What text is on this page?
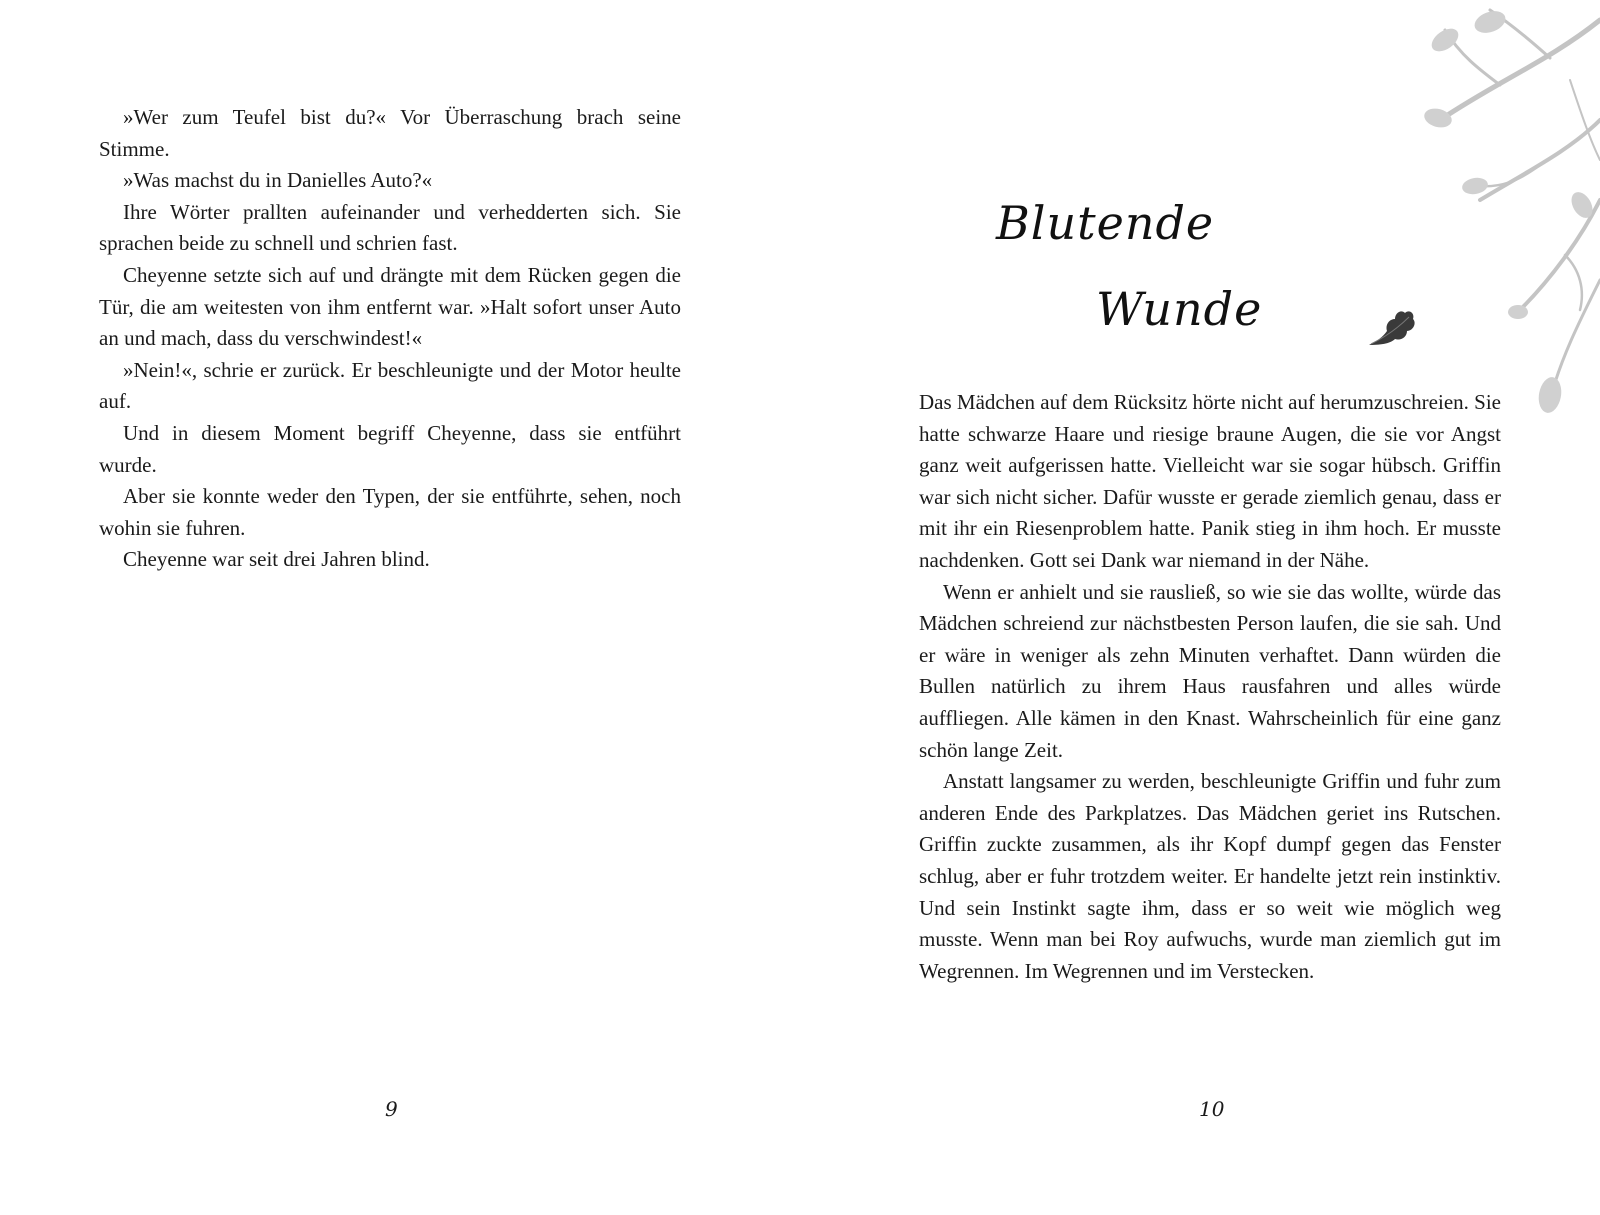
»Wer zum Teufel bist du?« Vor Überraschung brach seine Stimme.

»Was machst du in Danielles Auto?«

Ihre Wörter prallten aufeinander und verhedderten sich. Sie sprachen beide zu schnell und schrien fast.

Cheyenne setzte sich auf und drängte mit dem Rücken gegen die Tür, die am weitesten von ihm entfernt war. »Halt sofort unser Auto an und mach, dass du verschwindest!«

»Nein!«, schrie er zurück. Er beschleunigte und der Motor heulte auf.

Und in diesem Moment begriff Cheyenne, dass sie entführt wurde.

Aber sie konnte weder den Typen, der sie entführte, sehen, noch wohin sie fuhren.

Cheyenne war seit drei Jahren blind.

9
Blutende
Wunde

Das Mädchen auf dem Rücksitz hörte nicht auf herumzuschreien. Sie hatte schwarze Haare und riesige braune Augen, die sie vor Angst ganz weit aufgerissen hatte. Vielleicht war sie sogar hübsch. Griffin war sich nicht sicher. Dafür wusste er gerade ziemlich genau, dass er mit ihr ein Riesenproblem hatte. Panik stieg in ihm hoch. Er musste nachdenken. Gott sei Dank war niemand in der Nähe.

Wenn er anhielt und sie rausließ, so wie sie das wollte, würde das Mädchen schreiend zur nächstbesten Person laufen, die sie sah. Und er wäre in weniger als zehn Minuten verhaftet. Dann würden die Bullen natürlich zu ihrem Haus rausfahren und alles würde auffliegen. Alle kämen in den Knast. Wahrscheinlich für eine ganz schön lange Zeit.

Anstatt langsamer zu werden, beschleunigte Griffin und fuhr zum anderen Ende des Parkplatzes. Das Mädchen geriet ins Rutschen. Griffin zuckte zusammen, als ihr Kopf dumpf gegen das Fenster schlug, aber er fuhr trotzdem weiter. Er handelte jetzt rein instinktiv. Und sein Instinkt sagte ihm, dass er so weit wie möglich weg musste. Wenn man bei Roy aufwuchs, wurde man ziemlich gut im Wegrennen. Im Wegrennen und im Verstecken.

10
